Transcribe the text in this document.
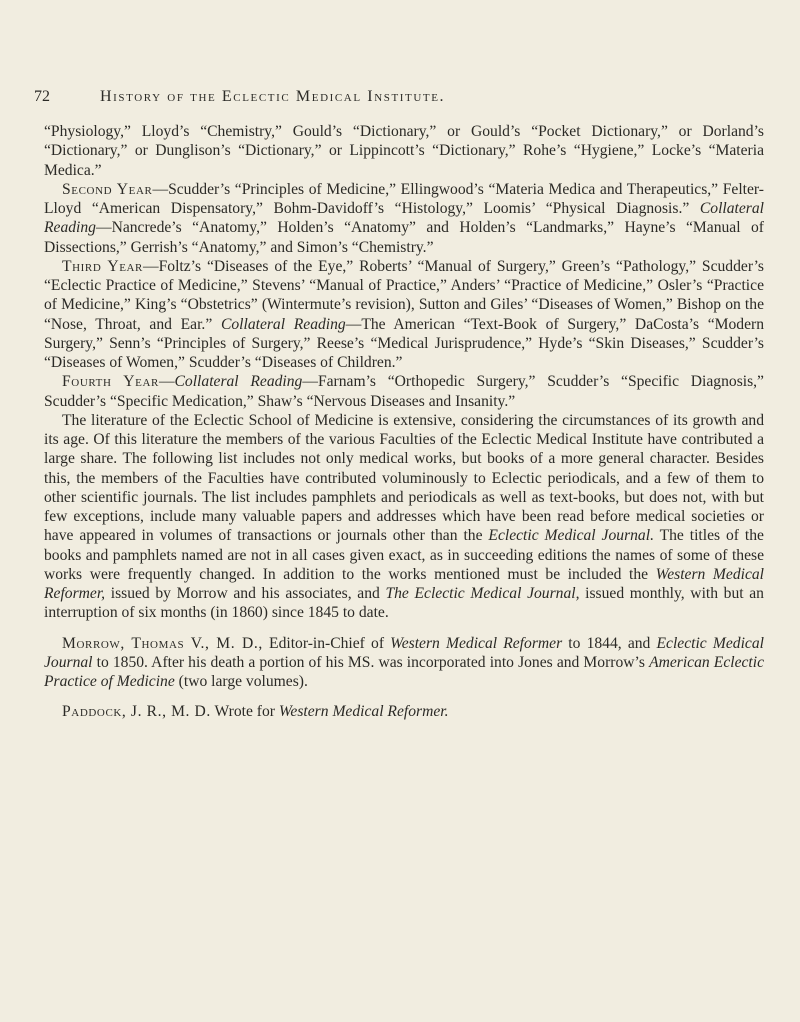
72	History of the Eclectic Medical Institute.

“Physiology,” Lloyd’s “Chemistry,” Gould’s “Dictionary,” or Gould’s “Pocket Dictionary,” or Dorland’s “Dictionary,” or Dunglison’s “Dictionary,” or Lippincott’s “Dictionary,” Rohe’s “Hygiene,” Locke’s “Materia Medica.”

Second Year—Scudder’s “Principles of Medicine,” Ellingwood’s “Materia Medica and Therapeutics,” Felter-Lloyd “American Dispensatory,” Bohm-Davidoff’s “Histology,” Loomis’ “Physical Diagnosis.” Collateral Reading—Nancrede’s “Anatomy,” Holden’s “Anatomy” and Holden’s “Landmarks,” Hayne’s “Manual of Dissections,” Gerrish’s “Anatomy,” and Simon’s “Chemistry.”

Third Year—Foltz’s “Diseases of the Eye,” Roberts’ “Manual of Surgery,” Green’s “Pathology,” Scudder’s “Eclectic Practice of Medicine,” Stevens’ “Manual of Practice,” Anders’ “Practice of Medicine,” Osler’s “Practice of Medicine,” King’s “Obstetrics” (Wintermute’s revision), Sutton and Giles’ “Diseases of Women,” Bishop on the “Nose, Throat, and Ear.” Collateral Reading—The American “Text-Book of Surgery,” DaCosta’s “Modern Surgery,” Senn’s “Principles of Surgery,” Reese’s “Medical Jurisprudence,” Hyde’s “Skin Diseases,” Scudder’s “Diseases of Women,” Scudder’s “Diseases of Children.”

Fourth Year—Collateral Reading—Farnam’s “Orthopedic Surgery,” Scudder’s “Specific Diagnosis,” Scudder’s “Specific Medication,” Shaw’s “Nervous Diseases and Insanity.”

The literature of the Eclectic School of Medicine is extensive, considering the circumstances of its growth and its age. Of this literature the members of the various Faculties of the Eclectic Medical Institute have contributed a large share. The following list includes not only medical works, but books of a more general character. Besides this, the members of the Faculties have contributed voluminously to Eclectic periodicals, and a few of them to other scientific journals. The list includes pamphlets and periodicals as well as text-books, but does not, with but few exceptions, include many valuable papers and addresses which have been read before medical societies or have appeared in volumes of transactions or journals other than the Eclectic Medical Journal. The titles of the books and pamphlets named are not in all cases given exact, as in succeeding editions the names of some of these works were frequently changed. In addition to the works mentioned must be included the Western Medical Reformer, issued by Morrow and his associates, and The Eclectic Medical Journal, issued monthly, with but an interruption of six months (in 1860) since 1845 to date.

Morrow, Thomas V., M. D., Editor-in-Chief of Western Medical Reformer to 1844, and Eclectic Medical Journal to 1850. After his death a portion of his MS. was incorporated into Jones and Morrow’s American Eclectic Practice of Medicine (two large volumes).

Paddock, J. R., M. D. Wrote for Western Medical Reformer.
